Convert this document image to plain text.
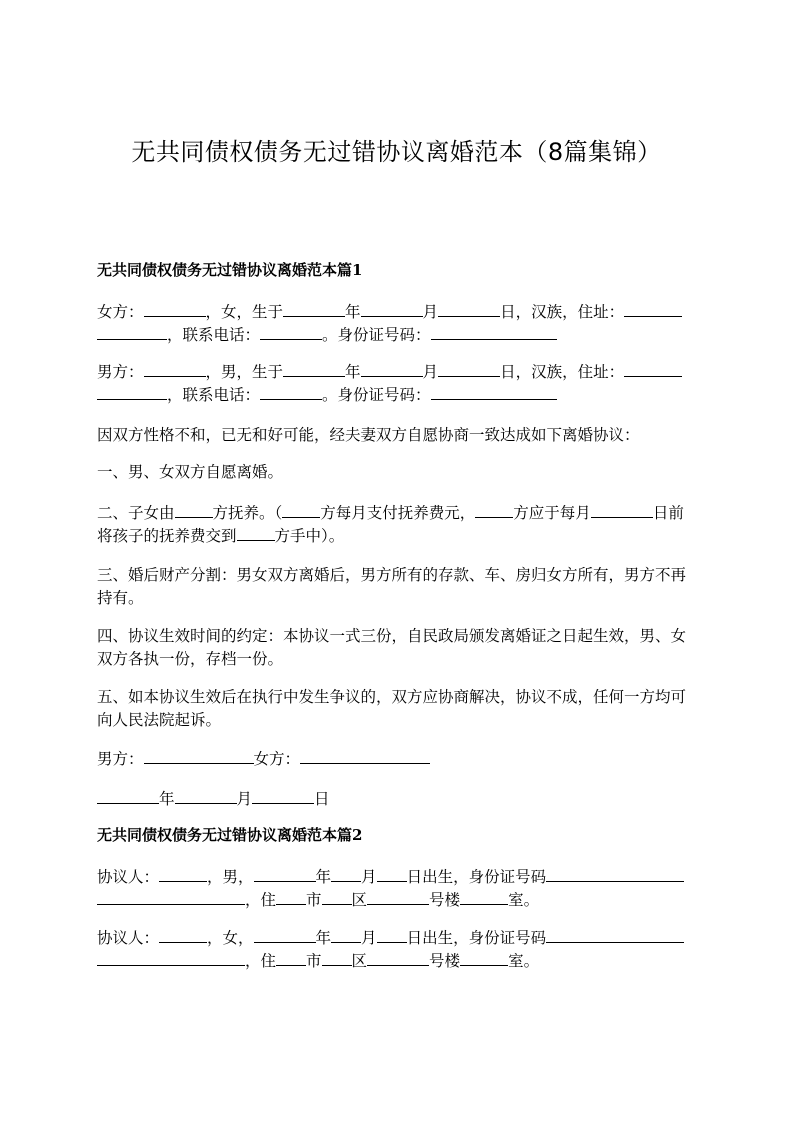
无共同债权债务无过错协议离婚范本（8篇集锦）
无共同债权债务无过错协议离婚范本篇1

女方：	，女，生于	年	月	日，汉族，住址：
，联系电话：	。身份证号码：

男方：	，男，生于	年	月	日，汉族，住址：
，联系电话：	。身份证号码：

因双方性格不和，已无和好可能，经夫妻双方自愿协商一致达成如下离婚协议：

一、男、女双方自愿离婚。

二、子女由 方抚养。（ 方每月支付抚养费元， 方应于每月	日前将孩子的抚养费交到 方手中）。

三、婚后财产分割：男女双方离婚后，男方所有的存款、车、房归女方所有，男方不再持有。

四、协议生效时间的约定：本协议一式三份，自民政局颁发离婚证之日起生效，男、女双方各执一份，存档一份。

五、如本协议生效后在执行中发生争议的，双方应协商解决，协议不成，任何一方均可向人民法院起诉。

男方：	女方：

年	月	日

无共同债权债务无过错协议离婚范本篇2

协议人：	，男，	年 月 日出生，身份证号码
，住 市 区	号楼	室。

协议人：	，女，	年 月 日出生，身份证号码
，住 市 区	号楼	室。
